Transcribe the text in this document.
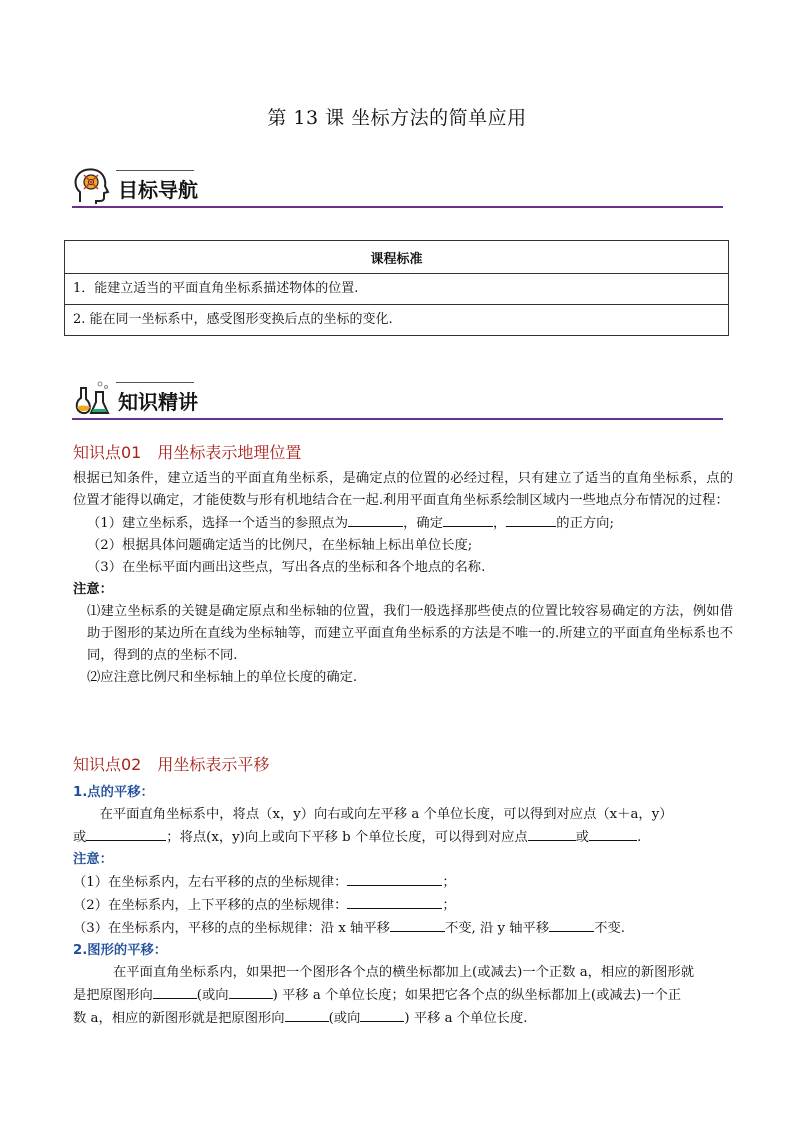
第 13 课 坐标方法的简单应用
目标导航
课程标准
1．能建立适当的平面直角坐标系描述物体的位置.
2. 能在同一坐标系中，感受图形变换后点的坐标的变化.
知识精讲
知识点01 用坐标表示地理位置
根据已知条件，建立适当的平面直角坐标系，是确定点的位置的必经过程，只有建立了适当的直角坐标系，点的位置才能得以确定，才能使数与形有机地结合在一起.利用平面直角坐标系绘制区域内一些地点分布情况的过程：
（1）建立坐标系，选择一个适当的参照点为	，确定	，	的正方向;
（2）根据具体问题确定适当的比例尺，在坐标轴上标出单位长度;
（3）在坐标平面内画出这些点，写出各点的坐标和各个地点的名称.
注意：
⑴建立坐标系的关键是确定原点和坐标轴的位置，我们一般选择那些使点的位置比较容易确定的方法，例如借助于图形的某边所在直线为坐标轴等，而建立平面直角坐标系的方法是不唯一的.所建立的平面直角坐标系也不同，得到的点的坐标不同.
⑵应注意比例尺和坐标轴上的单位长度的确定.
知识点02 用坐标表示平移
1.点的平移：
在平面直角坐标系中，将点（x，y）向右或向左平移 a 个单位长度，可以得到对应点（x＋a，y）
或	；将点(x，y)向上或向下平移 b 个单位长度，可以得到对应点	或	.
注意：
（1）在坐标系内，左右平移的点的坐标规律：	；
（2）在坐标系内，上下平移的点的坐标规律：	；
（3）在坐标系内，平移的点的坐标规律：沿 x 轴平移	不变, 沿 y 轴平移	不变.
2.图形的平移：
在平面直角坐标系内，如果把一个图形各个点的横坐标都加上(或减去)一个正数 a，相应的新图形就
是把原图形向	(或向	) 平移 a 个单位长度；如果把它各个点的纵坐标都加上(或减去)一个正
数 a，相应的新图形就是把原图形向	(或向	) 平移 a 个单位长度.
